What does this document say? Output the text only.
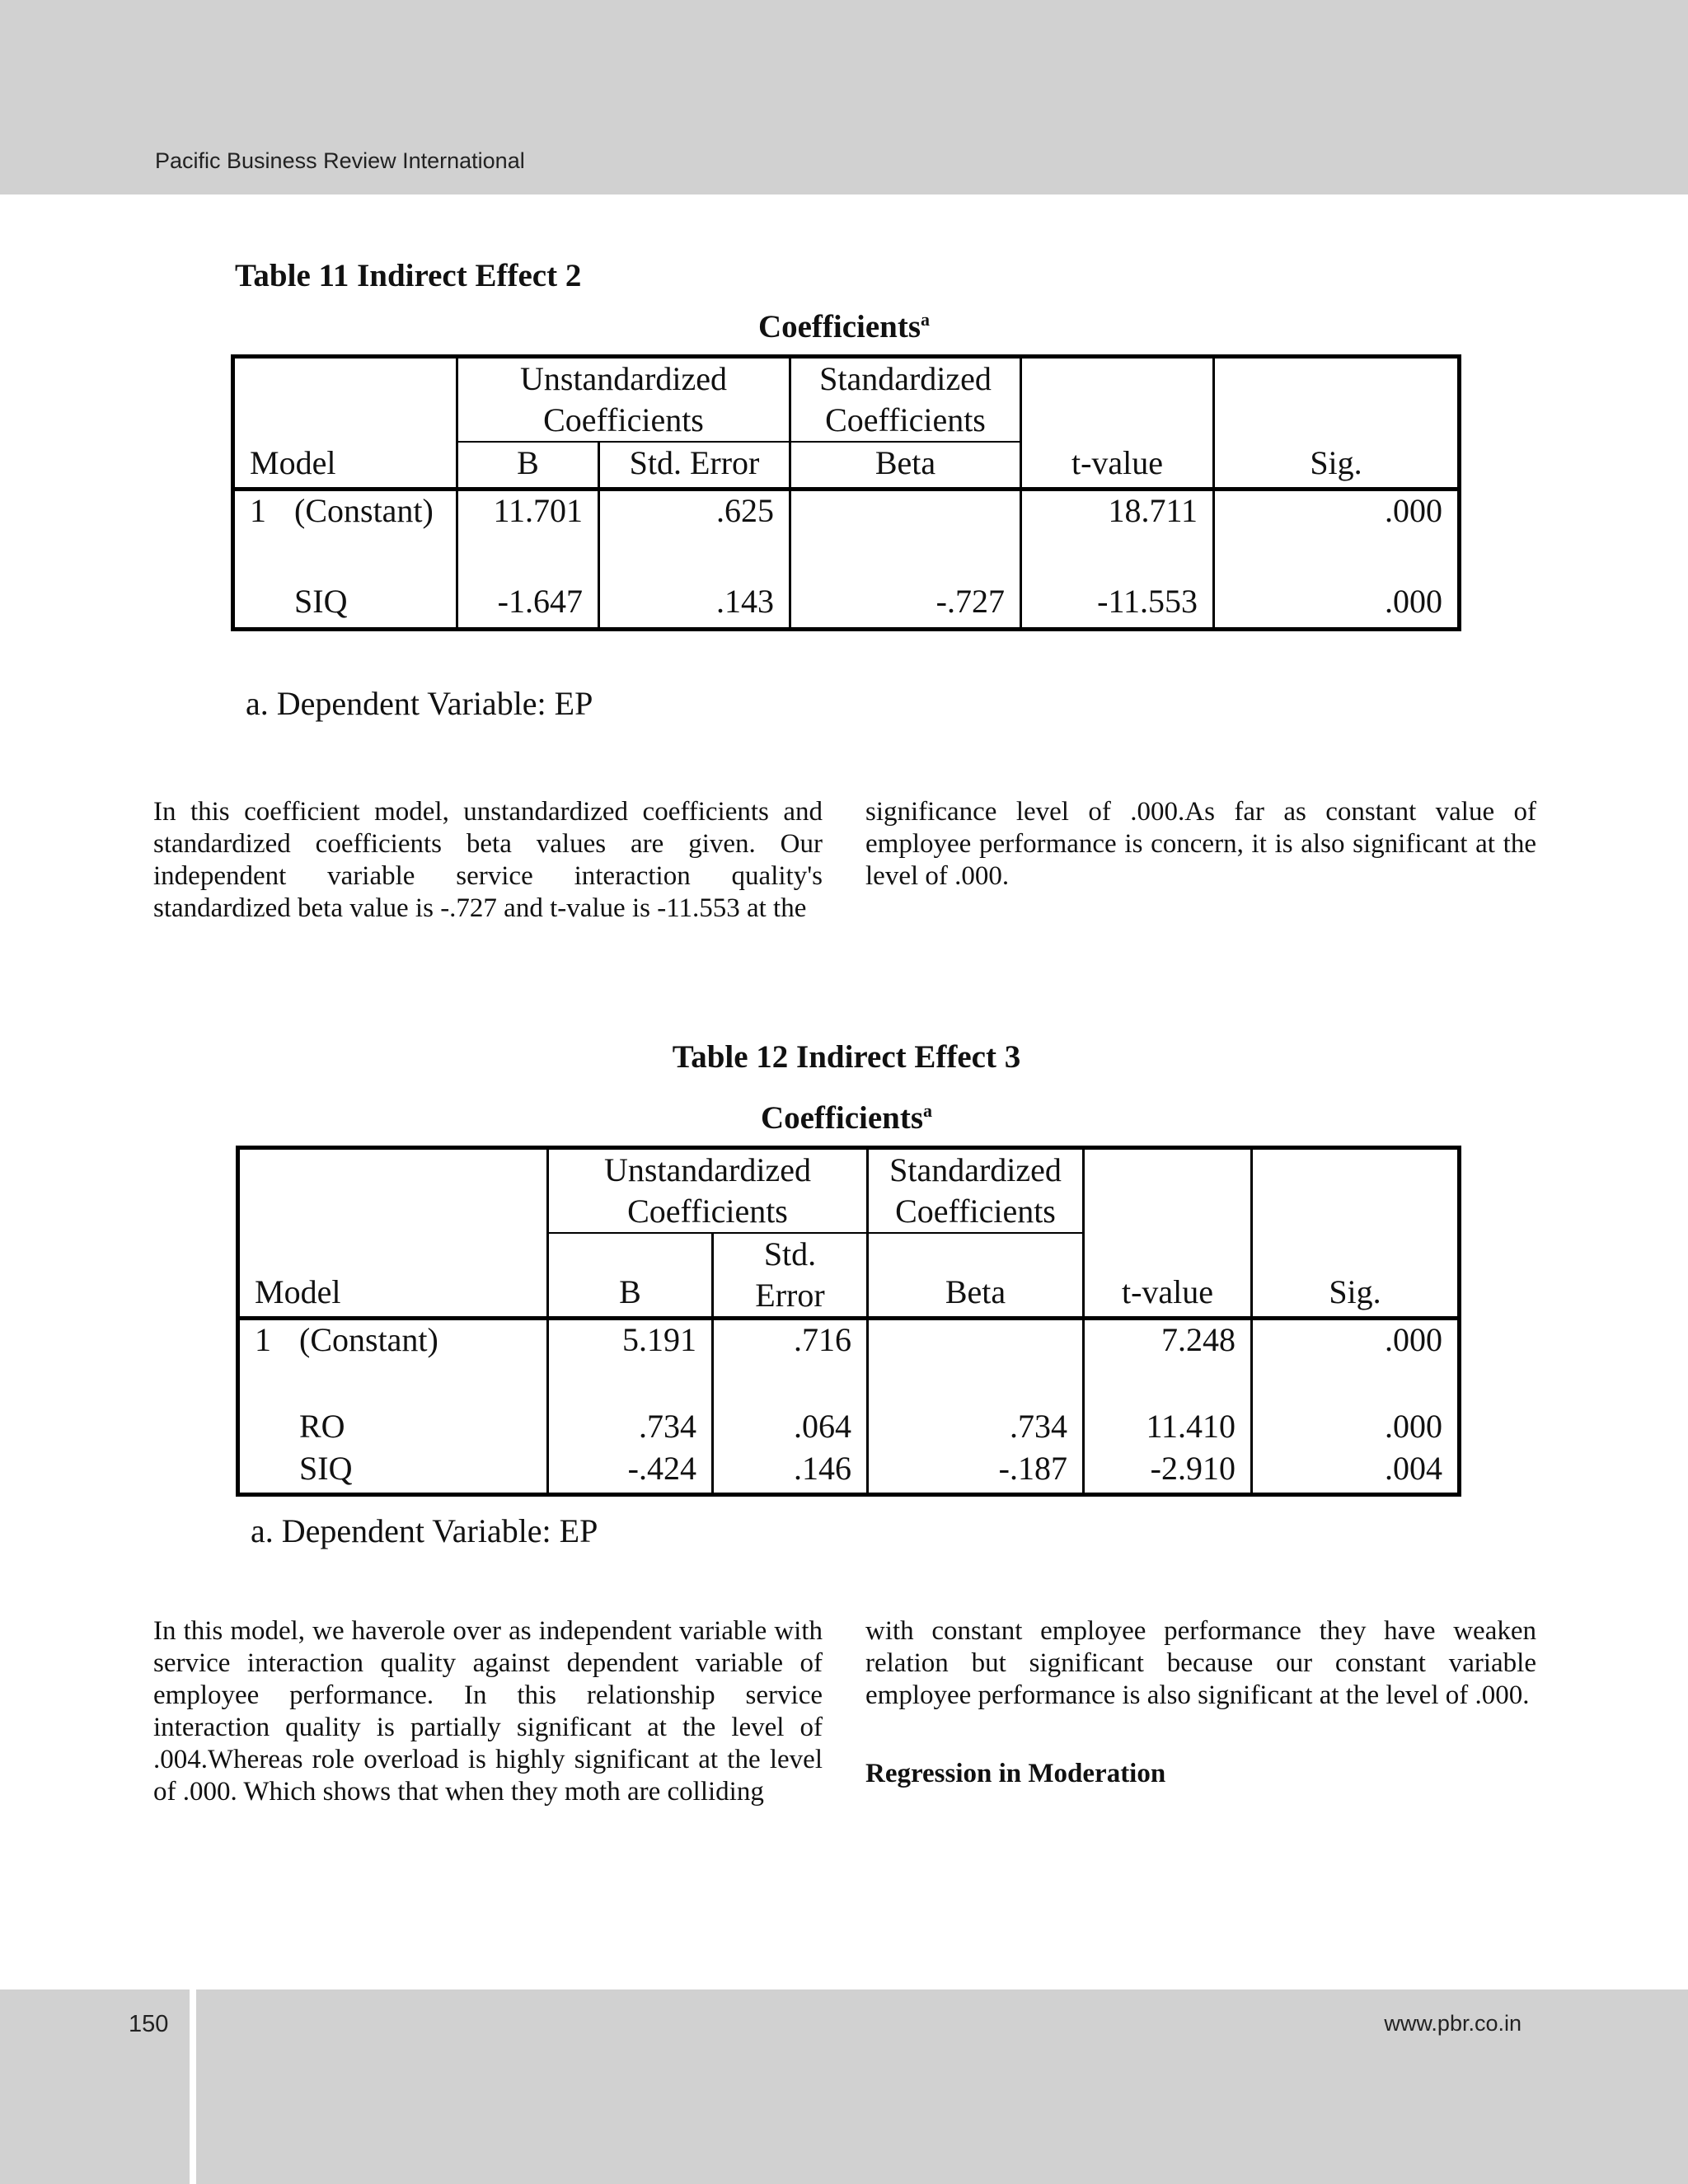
Pacific Business Review International
150	www.pbr.co.in
Table 11 Indirect Effect 2
Coefficients$^a$
	Unstandardized Coefficients		Standardized Coefficients		
Model	B	Std. Error	Beta	t-value	Sig.
1 (Constant)	11.701	.625		18.711	.000
SIQ	-1.647	.143	-.727	-11.553	.000
a. Dependent Variable: EP
In this coefficient model, unstandardized coefficients and standardized coefficients beta values are given. Our independent variable service interaction quality's standardized beta value is -.727 and t-value is -11.553 at the
significance level of .000.As far as constant value of employee performance is concern, it is also significant at the level of .000.
Table 12 Indirect Effect 3
Coefficients$^a$
	Unstandardized Coefficients		Standardized Coefficients		
Model	B	Std. Error	Beta	t-value	Sig.
1 (Constant)	5.191	.716		7.248	.000
RO	.734	.064	.734	11.410	.000
SIQ	-.424	.146	-.187	-2.910	.004
a. Dependent Variable: EP
In this model, we haverole over as independent variable with service interaction quality against dependent variable of employee performance. In this relationship service interaction quality is partially significant at the level of .004.Whereas role overload is highly significant at the level of .000. Which shows that when they moth are colliding
with constant employee performance they have weaken relation but significant because our constant variable employee performance is also significant at the level of .000.
Regression in Moderation
